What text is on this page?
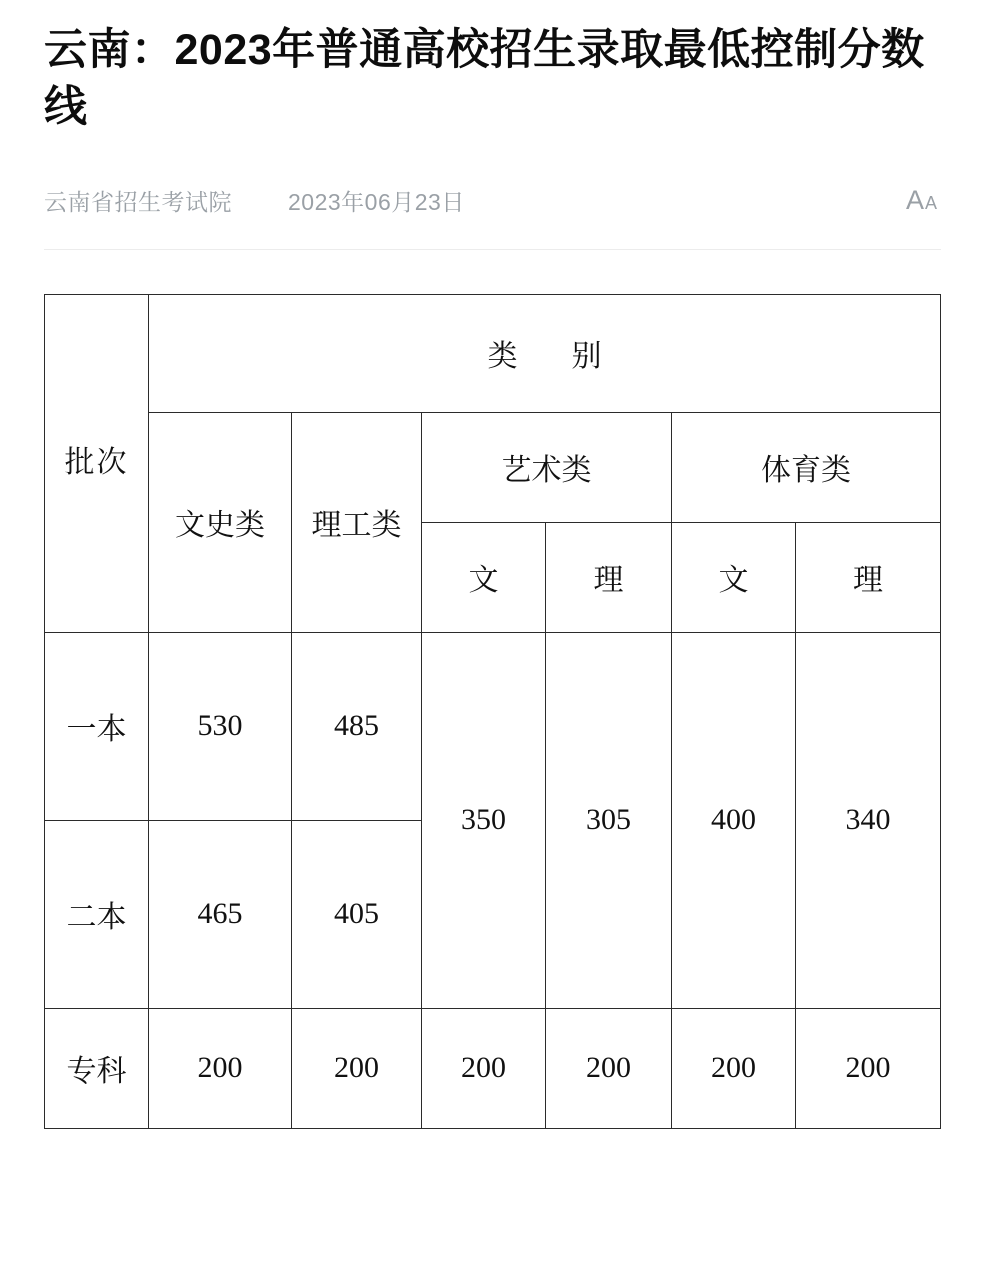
云南：2023年普通高校招生录取最低控制分数线
云南省招生考试院 2023年06月23日	A A
批次	类别					
	文史类	理工类	艺术类		体育类	
			文	理	文	理
一本	530	485	350	305	400	340
二本	465	405				
专科	200	200	200	200	200	200
